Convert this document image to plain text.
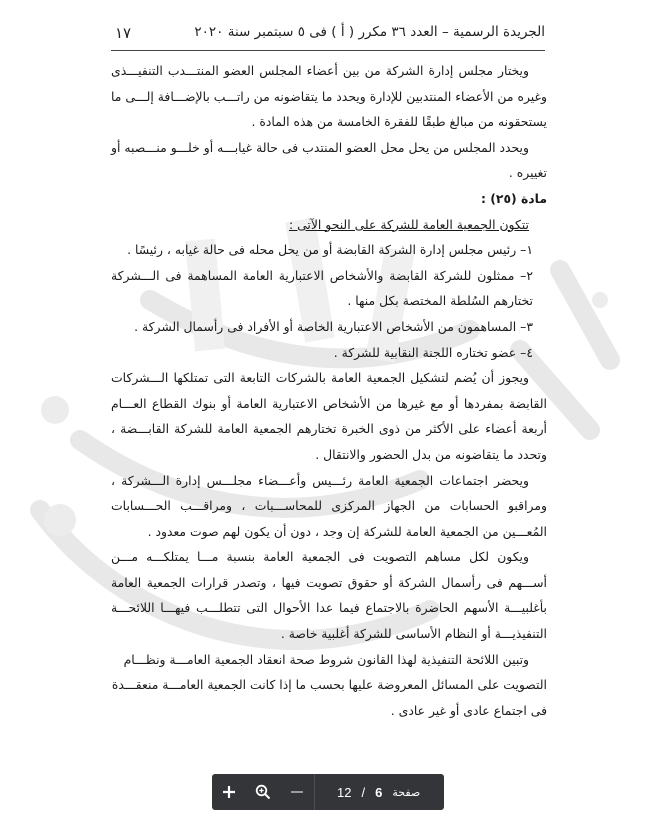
الجريدة الرسمية – العدد ٣٦ مكرر ( أ ) فى ٥ سبتمبر سنة ٢٠٢٠
١٧

ويختار مجلس إدارة الشركة من بين أعضاء المجلس العضو المنتـــدب التنفيـــذى وغيره من الأعضاء المنتدبين للإدارة ويحدد ما يتقاضونه من راتـــب بالإضـــافة إلـــى ما يستحقونه من مبالغ طبقًا للفقرة الخامسة من هذه المادة .

ويحدد المجلس من يحل محل العضو المنتدب فى حالة غيابـــه أو خلـــو منـــصبه أو تغييره .

مادة (٢٥) :

تتكون الجمعية العامة للشركة على النحو الآتى :

١– رئيس مجلس إدارة الشركة القابضة أو من يحل محله فى حالة غيابه ، رئيسًا .

٢– ممثلون للشركة القابضة والأشخاص الاعتبارية العامة المساهمة فى الـــشركة تختارهم السُلطة المختصة بكل منها .

٣– المساهمون من الأشخاص الاعتبارية الخاصة أو الأفراد فى رأسمال الشركة .

٤– عضو تختاره اللجنة النقابية للشركة .

ويجوز أن يُضم لتشكيل الجمعية العامة بالشركات التابعة التى تمتلكها الـــشركات القابضة بمفردها أو مع غيرها من الأشخاص الاعتبارية العامة أو بنوك القطاع العـــام أربعة أعضاء على الأكثر من ذوى الخبرة تختارهم الجمعية العامة للشركة القابـــضة ، وتحدد ما يتقاضونه من بدل الحضور والانتقال .

ويحضر اجتماعات الجمعية العامة رئـــيس وأعـــضاء مجلـــس إدارة الـــشركة ، ومراقبو الحسابات من الجهاز المركزى للمحاســـبات ، ومراقـــب الحـــسابات المُعـــين من الجمعية العامة للشركة إن وجد ، دون أن يكون لهم صوت معدود .

ويكون لكل مساهم التصويت فى الجمعية العامة بنسبة مـــا يمتلكـــه مـــن أســـهم فى رأسمال الشركة أو حقوق تصويت فيها ، وتصدر قرارات الجمعية العامة بأغلبيـــة الأسهم الحاضرة بالاجتماع فيما عدا الأحوال التى تتطلـــب فيهـــا اللائحـــة التنفيذيـــة أو النظام الأساسى للشركة أغلبية خاصة .

وتبين اللائحة التنفيذية لهذا القانون شروط صحة انعقاد الجمعية العامـــة ونظـــام التصويت على المسائل المعروضة عليها بحسب ما إذا كانت الجمعية العامـــة منعقـــدة فى اجتماع عادى أو غير عادى .

12 / 6 صفحة
